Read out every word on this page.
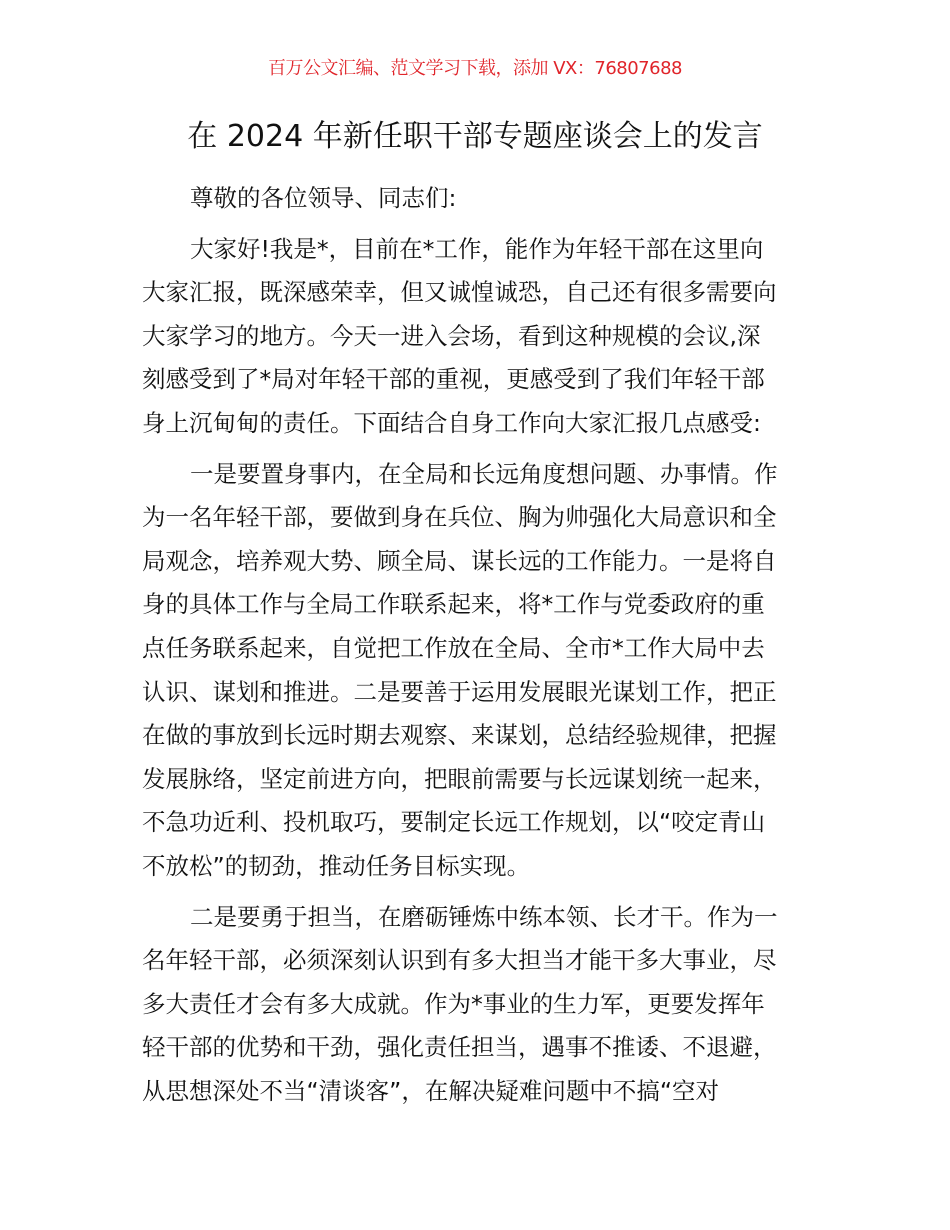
百万公文汇编、范文学习下载，添加 VX：76807688
在 2024 年新任职干部专题座谈会上的发言
尊敬的各位领导、同志们:
大家好!我是*，目前在*工作，能作为年轻干部在这里向
大家汇报，既深感荣幸，但又诚惶诚恐，自己还有很多需要向
大家学习的地方。今天一进入会场，看到这种规模的会议,深
刻感受到了*局对年轻干部的重视，更感受到了我们年轻干部
身上沉甸甸的责任。下面结合自身工作向大家汇报几点感受:
一是要置身事内，在全局和长远角度想问题、办事情。作
为一名年轻干部，要做到身在兵位、胸为帅强化大局意识和全
局观念，培养观大势、顾全局、谋长远的工作能力。一是将自
身的具体工作与全局工作联系起来，将*工作与党委政府的重
点任务联系起来，自觉把工作放在全局、全市*工作大局中去
认识、谋划和推进。二是要善于运用发展眼光谋划工作，把正
在做的事放到长远时期去观察、来谋划，总结经验规律，把握
发展脉络，坚定前进方向，把眼前需要与长远谋划统一起来，
不急功近利、投机取巧，要制定长远工作规划，以“咬定青山
不放松”的韧劲，推动任务目标实现。
二是要勇于担当，在磨砺锤炼中练本领、长才干。作为一
名年轻干部，必须深刻认识到有多大担当才能干多大事业，尽
多大责任才会有多大成就。作为*事业的生力军，更要发挥年
轻干部的优势和干劲，强化责任担当，遇事不推诿、不退避，
从思想深处不当“清谈客”，在解决疑难问题中不搞“空对
